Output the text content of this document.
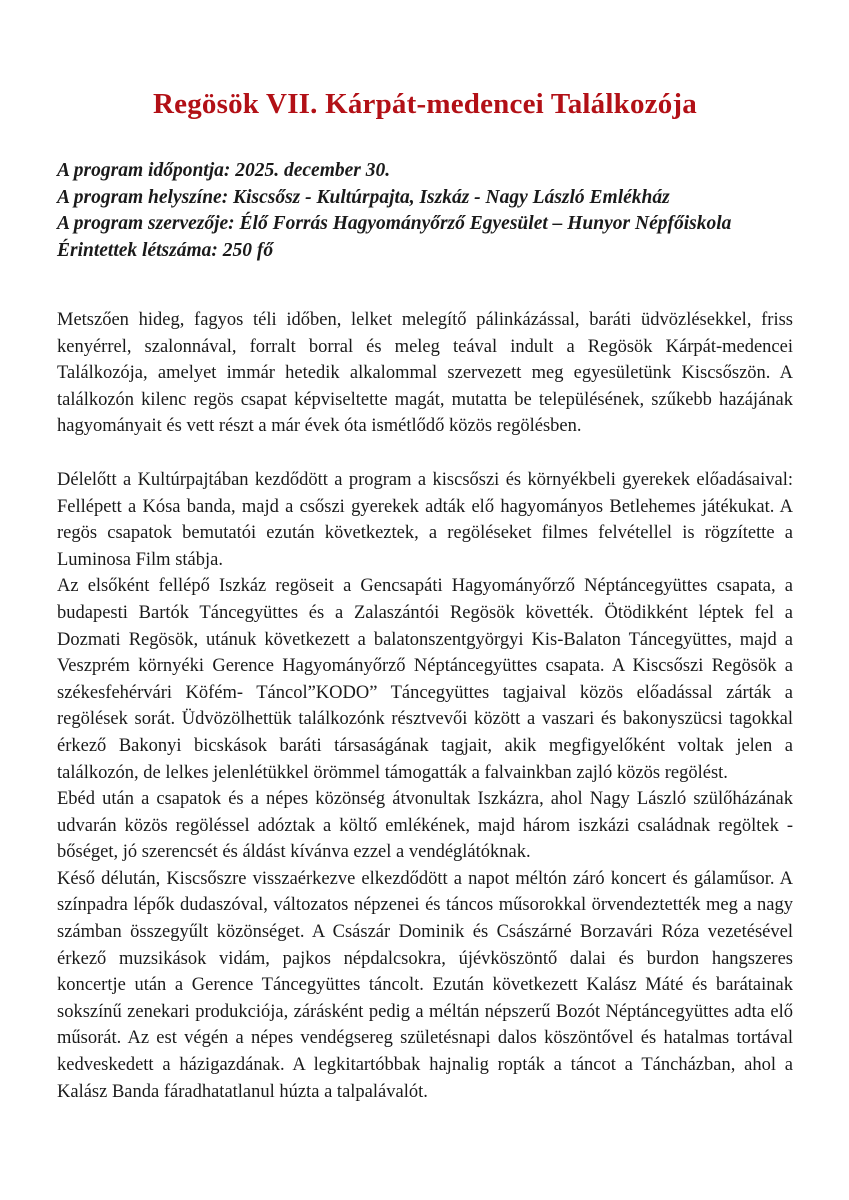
Regösök VII. Kárpát-medencei Találkozója

A program időpontja: 2025. december 30.

A program helyszíne: Kiscsősz - Kultúrpajta, Iszkáz - Nagy László Emlékház

A program szervezője: Élő Forrás Hagyományőrző Egyesület – Hunyor Népfőiskola

Érintettek létszáma: 250 fő

Metszően hideg, fagyos téli időben, lelket melegítő pálinkázással, baráti üdvözlésekkel, friss kenyérrel, szalonnával, forralt borral és meleg teával indult a Regösök Kárpát-medencei Találkozója, amelyet immár hetedik alkalommal szervezett meg egyesületünk Kiscsőszön. A találkozón kilenc regös csapat képviseltette magát, mutatta be településének, szűkebb hazájának hagyományait és vett részt a már évek óta ismétlődő közös regölésben.

Délelőtt a Kultúrpajtában kezdődött a program a kiscsőszi és környékbeli gyerekek előadásaival: Fellépett a Kósa banda, majd a csőszi gyerekek adták elő hagyományos Betlehemes játékukat. A regös csapatok bemutatói ezután következtek, a regöléseket filmes felvétellel is rögzítette a Luminosa Film stábja.

Az elsőként fellépő Iszkáz regöseit a Gencsapáti Hagyományőrző Néptáncegyüttes csapata, a budapesti Bartók Táncegyüttes és a Zalaszántói Regösök követték. Ötödikként léptek fel a Dozmati Regösök, utánuk következett a balatonszentgyörgyi Kis-Balaton Táncegyüttes, majd a Veszprém környéki Gerence Hagyományőrző Néptáncegyüttes csapata. A Kiscsőszi Regösök a székesfehérvári Köfém- Táncol”KODO” Táncegyüttes tagjaival közös előadással zárták a regölések sorát. Üdvözölhettük találkozónk résztvevői között a vaszari és bakonyszücsi tagokkal érkező Bakonyi bicskások baráti társaságának tagjait, akik megfigyelőként voltak jelen a találkozón, de lelkes jelenlétükkel örömmel támogatták a falvainkban zajló közös regölést.

Ebéd után a csapatok és a népes közönség átvonultak Iszkázra, ahol Nagy László szülőházának udvarán közös regöléssel adóztak a költő emlékének, majd három iszkázi családnak regöltek - bőséget, jó szerencsét és áldást kívánva ezzel a vendéglátóknak.

Késő délután, Kiscsőszre visszaérkezve elkezdődött a napot méltón záró koncert és gálaműsor. A színpadra lépők dudaszóval, változatos népzenei és táncos műsorokkal örvendeztették meg a nagy számban összegyűlt közönséget. A Császár Dominik és Császárné Borzavári Róza vezetésével érkező muzsikások vidám, pajkos népdalcsokra, újévköszöntő dalai és burdon hangszeres koncertje után a Gerence Táncegyüttes táncolt. Ezután következett Kalász Máté és barátainak sokszínű zenekari produkciója, zárásként pedig a méltán népszerű Bozót Néptáncegyüttes adta elő műsorát. Az est végén a népes vendégsereg születésnapi dalos köszöntővel és hatalmas tortával kedveskedett a házigazdának. A legkitartóbbak hajnalig ropták a táncot a Táncházban, ahol a Kalász Banda fáradhatatlanul húzta a talpalávalót.
